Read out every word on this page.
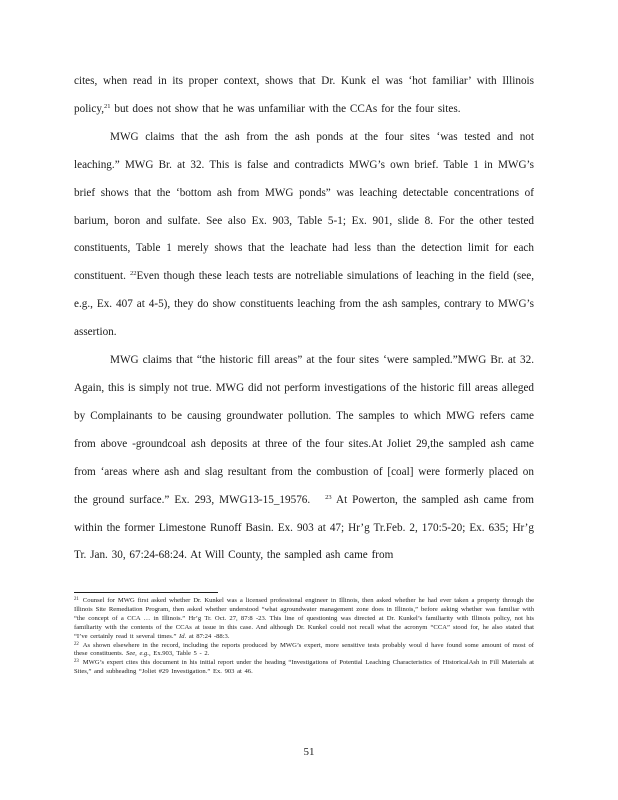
cites, when read in its proper context, shows that Dr. Kunk el was ‘hot familiar’ with Illinois policy,$^{21}$ but does not show that he was unfamiliar with the CCAs for the four sites.

MWG claims that the ash from the ash ponds at the four sites ‘was tested and not leaching.” MWG Br. at 32. This is false and contradicts MWG’s own brief. Table 1 in MWG’s brief shows that the ‘bottom ash from MWG ponds” was leaching detectable concentrations of barium, boron and sulfate. See also Ex. 903, Table 5-1; Ex. 901, slide 8. For the other tested constituents, Table 1 merely shows that the leachate had less than the detection limit for each constituent. $^{22}$Even though these leach tests are notreliable simulations of leaching in the field (see, e.g., Ex. 407 at 4-5), they do show constituents leaching from the ash samples, contrary to MWG’s assertion.

MWG claims that “the historic fill areas” at the four sites ‘were sampled.”MWG Br. at 32. Again, this is simply not true. MWG did not perform investigations of the historic fill areas alleged by Complainants to be causing groundwater pollution. The samples to which MWG refers came from above -groundcoal ash deposits at three of the four sites.At Joliet 29,the sampled ash came from ‘areas where ash and slag resultant from the combustion of [coal] were formerly placed on the ground surface.” Ex. 293, MWG13-15_19576. $^{23}$ At Powerton, the sampled ash came from within the former Limestone Runoff Basin. Ex. 903 at 47; Hr’g Tr.Feb. 2, 170:5-20; Ex. 635; Hr’g Tr. Jan. 30, 67:24-68:24. At Will County, the sampled ash came from

$^{21}$ Counsel for MWG first asked whether Dr. Kunkel was a licensed professional engineer in Illinois, then asked whether he had ever taken a property through the Illinois Site Remediation Program, then asked whether understood “what agroundwater management zone does in Illinois,” before asking whether was familiar with “the concept of a CCA … in Illinois.” Hr’g Tr. Oct. 27, 87:8 -23. This line of questioning was directed at Dr. Kunkel’s familiarity with Illinois policy, not his familiarity with the contents of the CCAs at issue in this case. And although Dr. Kunkel could not recall what the acronym “CCA” stood for, he also stated that “I’ve certainly read it several times.” Id. at 87:24 -88:3.

$^{22}$ As shown elsewhere in the record, including the reports produced by MWG’s expert, more sensitive tests probably woul d have found some amount of most of these constituents. See, e.g., Ex.903, Table 5 - 2.

$^{23}$ MWG’s expert cites this document in his initial report under the heading “Investigations of Potential Leaching Characteristics of HistoricalAsh in Fill Materials at Sites,” and subheading “Joliet #29 Investigation.” Ex. 903 at 46.

51
